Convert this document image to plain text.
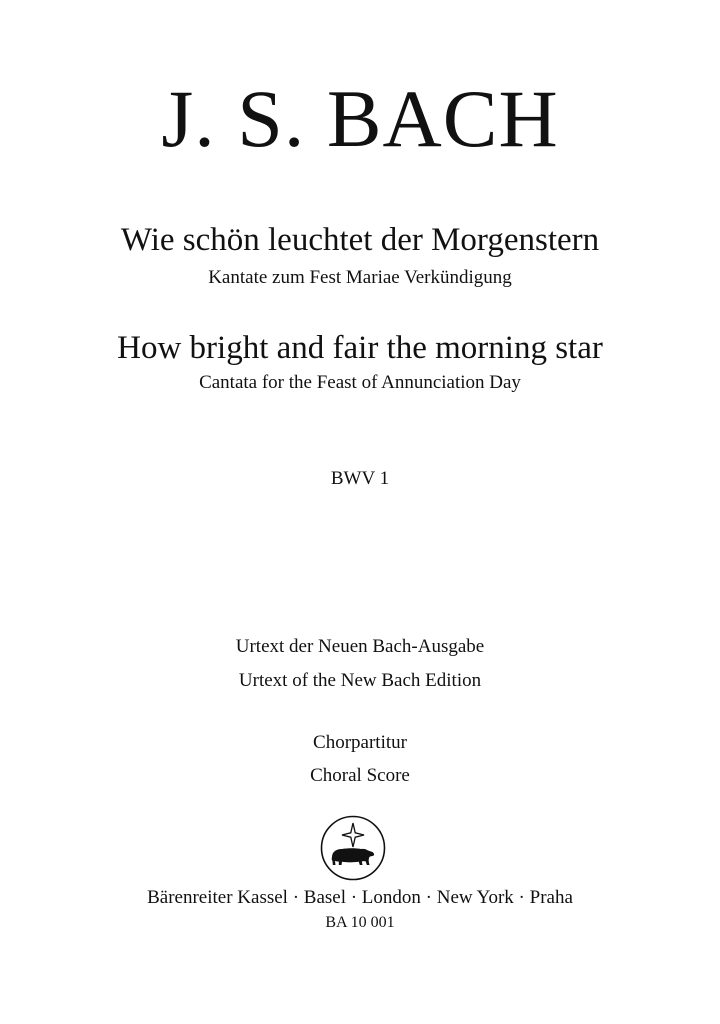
J. S. BACH
Wie schön leuchtet der Morgenstern
Kantate zum Fest Mariae Verkündigung
How bright and fair the morning star
Cantata for the Feast of Annunciation Day
BWV 1
Urtext der Neuen Bach-Ausgabe
Urtext of the New Bach Edition
Chorpartitur
Choral Score
Bärenreiter Kassel · Basel · London · New York · Praha
BA 10 001
